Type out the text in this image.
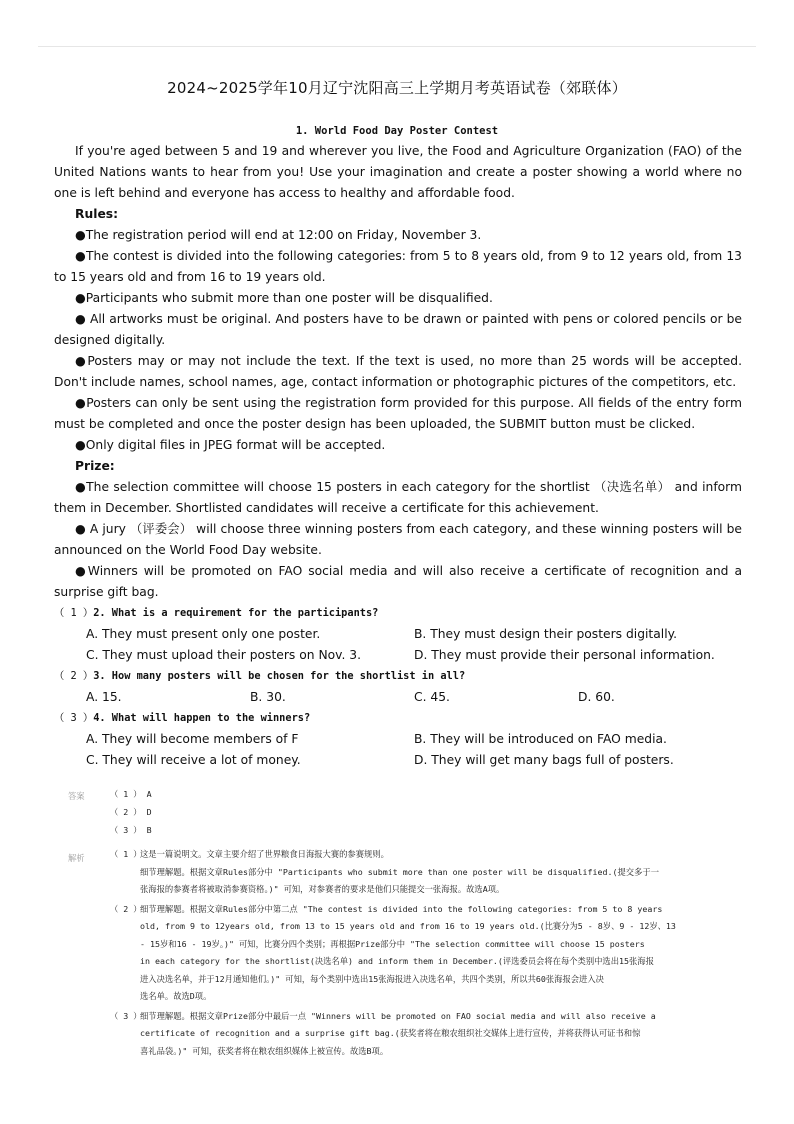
2024~2025学年10月辽宁沈阳高三上学期月考英语试卷（郊联体）
1. World Food Day Poster Contest

If you're aged between 5 and 19 and wherever you live, the Food and Agriculture Organization (FAO) of the United Nations wants to hear from you! Use your imagination and create a poster showing a world where no one is left behind and everyone has access to healthy and affordable food.

Rules:

●The registration period will end at 12:00 on Friday, November 3.

●The contest is divided into the following categories: from 5 to 8 years old, from 9 to 12 years old, from 13 to 15 years old and from 16 to 19 years old.

●Participants who submit more than one poster will be disqualified.

● All artworks must be original. And posters have to be drawn or painted with pens or colored pencils or be designed digitally.

●Posters may or may not include the text. If the text is used, no more than 25 words will be accepted. Don't include names, school names, age, contact information or photographic pictures of the competitors, etc.

●Posters can only be sent using the registration form provided for this purpose. All fields of the entry form must be completed and once the poster design has been uploaded, the SUBMIT button must be clicked.

●Only digital files in JPEG format will be accepted.

Prize:

●The selection committee will choose 15 posters in each category for the shortlist （决选名单） and inform them in December. Shortlisted candidates will receive a certificate for this achievement.

● A jury （评委会） will choose three winning posters from each category, and these winning posters will be announced on the World Food Day website.

●Winners will be promoted on FAO social media and will also receive a certificate of recognition and a surprise gift bag.

（ 1 ）2. What is a requirement for the participants?
A. They must present only one poster.	B. They must design their posters digitally.
C. They must upload their posters on Nov. 3.	D. They must provide their personal information.
（ 2 ）3. How many posters will be chosen for the shortlist in all?
A. 15.	B. 30.	C. 45.	D. 60.
（ 3 ）4. What will happen to the winners?
A. They will become members of F	B. They will be introduced on FAO media.
C. They will receive a lot of money.	D. They will get many bags full of posters.
答案	（ 1 ） A
（ 2 ） D
（ 3 ） B
解析	（ 1 ）

这是一篇说明文。文章主要介绍了世界粮食日海报大赛的参赛规则。

细节理解题。根据文章Rules部分中 "Participants who submit more than one poster will be disqualified.(提交多于一

张海报的参赛者将被取消参赛资格。)" 可知，对参赛者的要求是他们只能提交一张海报。故选A项。

（ 2 ）

细节理解题。根据文章Rules部分中第二点 "The contest is divided into the following categories: from 5 to 8 years

old, from 9 to 12years old, from 13 to 15 years old and from 16 to 19 years old.(比赛分为5 - 8岁、9 - 12岁、13

- 15岁和16 - 19岁。)" 可知，比赛分四个类别；再根据Prize部分中 "The selection committee will choose 15 posters

in each category for the shortlist(决选名单) and inform them in December.(评选委员会将在每个类别中选出15张海报

进入决选名单，并于12月通知他们。)" 可知，每个类别中选出15张海报进入决选名单，共四个类别，所以共60张海报会进入决

选名单。故选D项。

（ 3 ）

细节理解题。根据文章Prize部分中最后一点 "Winners will be promoted on FAO social media and will also receive a

certificate of recognition and a surprise gift bag.(获奖者将在粮农组织社交媒体上进行宣传，并将获得认可证书和惊

喜礼品袋。)" 可知，获奖者将在粮农组织媒体上被宣传。故选B项。
